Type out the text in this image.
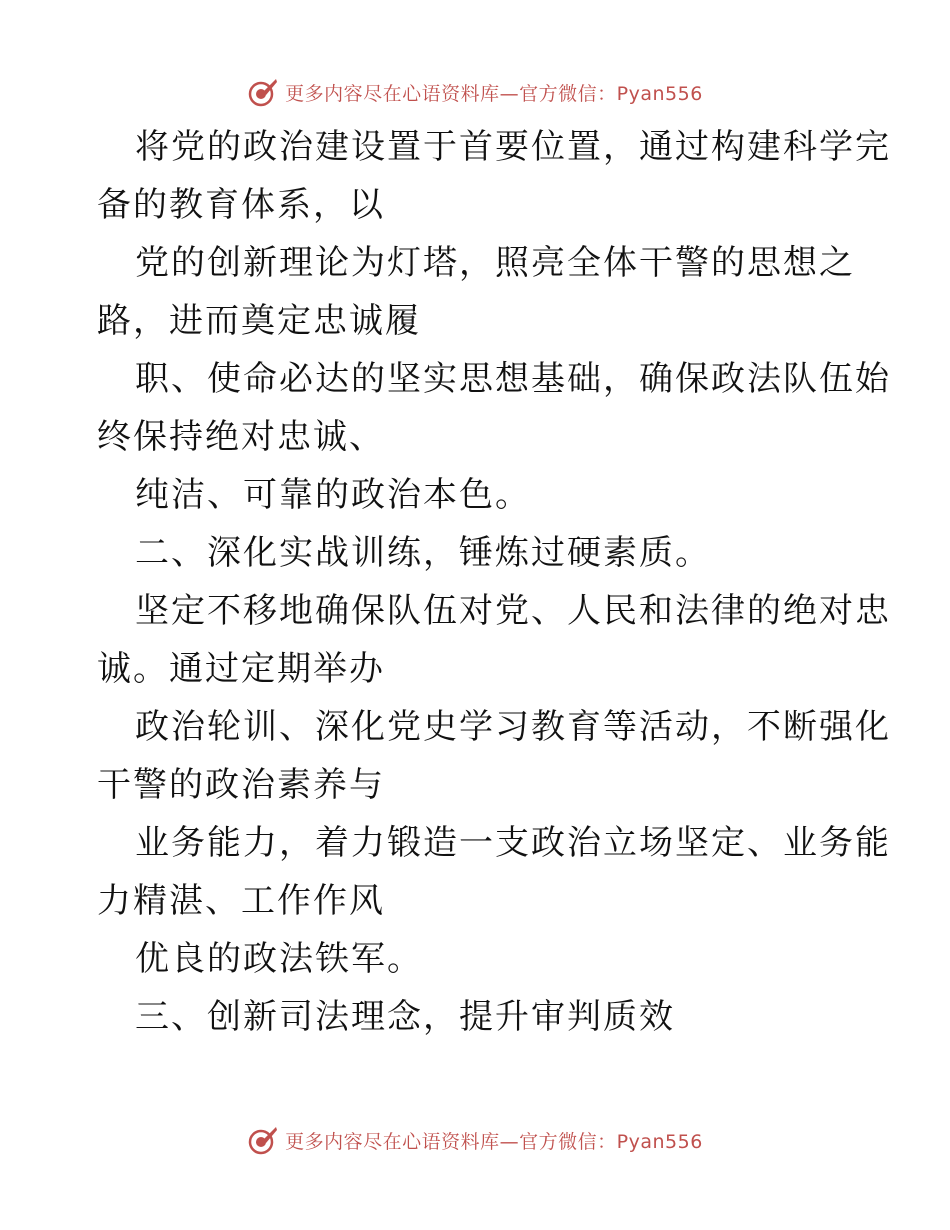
更多内容尽在心语资料库—官方微信：Pyan556
将党的政治建设置于首要位置，通过构建科学完
备的教育体系，以
党的创新理论为灯塔，照亮全体干警的思想之
路，进而奠定忠诚履
职、使命必达的坚实思想基础，确保政法队伍始
终保持绝对忠诚、
纯洁、可靠的政治本色。
二、深化实战训练，锤炼过硬素质。
坚定不移地确保队伍对党、人民和法律的绝对忠
诚。通过定期举办
政治轮训、深化党史学习教育等活动，不断强化
干警的政治素养与
业务能力，着力锻造一支政治立场坚定、业务能
力精湛、工作作风
优良的政法铁军。
三、创新司法理念，提升审判质效
更多内容尽在心语资料库—官方微信：Pyan556
